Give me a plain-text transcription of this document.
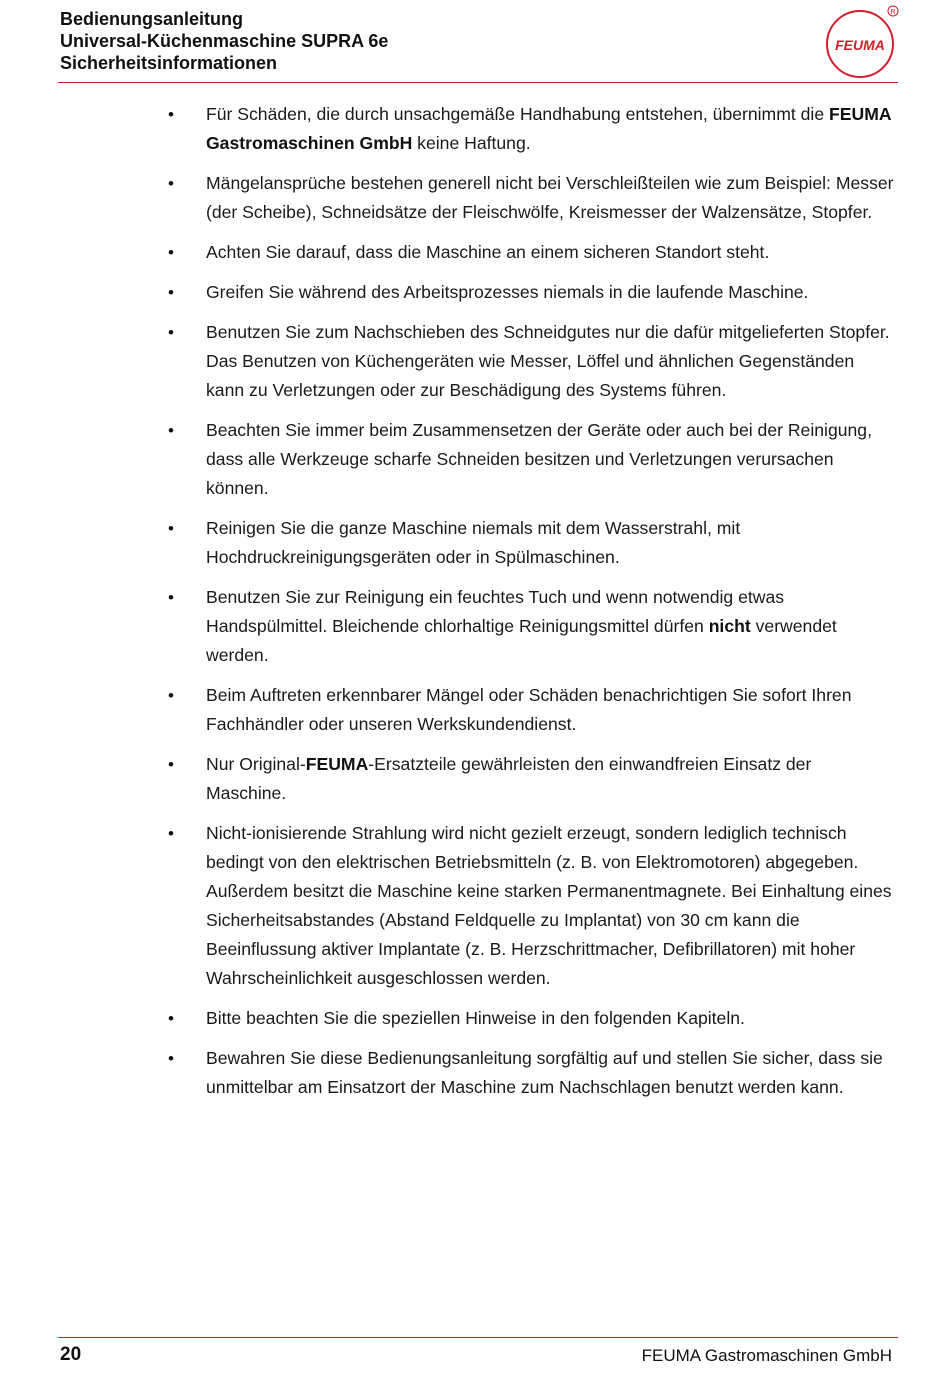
Bedienungsanleitung
Universal-Küchenmaschine SUPRA 6e
Sicherheitsinformationen
FEUMA
R
• Für Schäden, die durch unsachgemäße Handhabung entstehen, übernimmt die FEUMA Gastromaschinen GmbH keine Haftung.
• Mängelansprüche bestehen generell nicht bei Verschleißteilen wie zum Beispiel: Messer (der Scheibe), Schneidsätze der Fleischwölfe, Kreismesser der Walzensätze, Stopfer.
• Achten Sie darauf, dass die Maschine an einem sicheren Standort steht.
• Greifen Sie während des Arbeitsprozesses niemals in die laufende Maschine.
• Benutzen Sie zum Nachschieben des Schneidgutes nur die dafür mitgelieferten Stopfer. Das Benutzen von Küchengeräten wie Messer, Löffel und ähnlichen Gegenständen kann zu Verletzungen oder zur Beschädigung des Systems führen.
• Beachten Sie immer beim Zusammensetzen der Geräte oder auch bei der Reinigung, dass alle Werkzeuge scharfe Schneiden besitzen und Verletzungen verursachen können.
• Reinigen Sie die ganze Maschine niemals mit dem Wasserstrahl, mit Hochdruckreinigungsgeräten oder in Spülmaschinen.
• Benutzen Sie zur Reinigung ein feuchtes Tuch und wenn notwendig etwas Handspülmittel. Bleichende chlorhaltige Reinigungsmittel dürfen nicht verwendet werden.
• Beim Auftreten erkennbarer Mängel oder Schäden benachrichtigen Sie sofort Ihren Fachhändler oder unseren Werkskundendienst.
• Nur Original-FEUMA-Ersatzteile gewährleisten den einwandfreien Einsatz der Maschine.
• Nicht-ionisierende Strahlung wird nicht gezielt erzeugt, sondern lediglich technisch bedingt von den elektrischen Betriebsmitteln (z. B. von Elektromotoren) abgegeben. Außerdem besitzt die Maschine keine starken Permanentmagnete. Bei Einhaltung eines Sicherheitsabstandes (Abstand Feldquelle zu Implantat) von 30 cm kann die Beeinflussung aktiver Implantate (z. B. Herzschrittmacher, Defibrillatoren) mit hoher Wahrscheinlichkeit ausgeschlossen werden.
• Bitte beachten Sie die speziellen Hinweise in den folgenden Kapiteln.
• Bewahren Sie diese Bedienungsanleitung sorgfältig auf und stellen Sie sicher, dass sie unmittelbar am Einsatzort der Maschine zum Nachschlagen benutzt werden kann.
20	FEUMA Gastromaschinen GmbH
